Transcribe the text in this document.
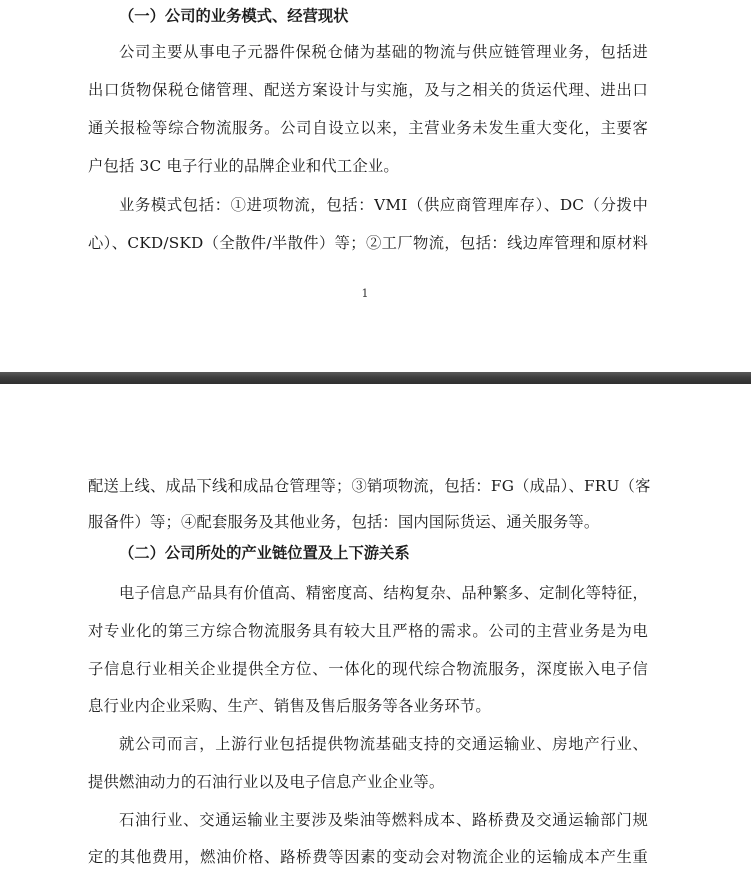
（一）公司的业务模式、经营现状
公司主要从事电子元器件保税仓储为基础的物流与供应链管理业务，包括进
出口货物保税仓储管理、配送方案设计与实施，及与之相关的货运代理、进出口
通关报检等综合物流服务。公司自设立以来，主营业务未发生重大变化，主要客
户包括 3C 电子行业的品牌企业和代工企业。
业务模式包括：①进项物流，包括：VMI（供应商管理库存）、DC（分拨中
心）、CKD/SKD（全散件/半散件）等；②工厂物流，包括：线边库管理和原材料
1
配送上线、成品下线和成品仓管理等；③销项物流，包括：FG（成品）、FRU（客
服备件）等；④配套服务及其他业务，包括：国内国际货运、通关服务等。
（二）公司所处的产业链位置及上下游关系
电子信息产品具有价值高、精密度高、结构复杂、品种繁多、定制化等特征，
对专业化的第三方综合物流服务具有较大且严格的需求。公司的主营业务是为电
子信息行业相关企业提供全方位、一体化的现代综合物流服务，深度嵌入电子信
息行业内企业采购、生产、销售及售后服务等各业务环节。
就公司而言，上游行业包括提供物流基础支持的交通运输业、房地产行业、
提供燃油动力的石油行业以及电子信息产业企业等。
石油行业、交通运输业主要涉及柴油等燃料成本、路桥费及交通运输部门规
定的其他费用，燃油价格、路桥费等因素的变动会对物流企业的运输成本产生重
